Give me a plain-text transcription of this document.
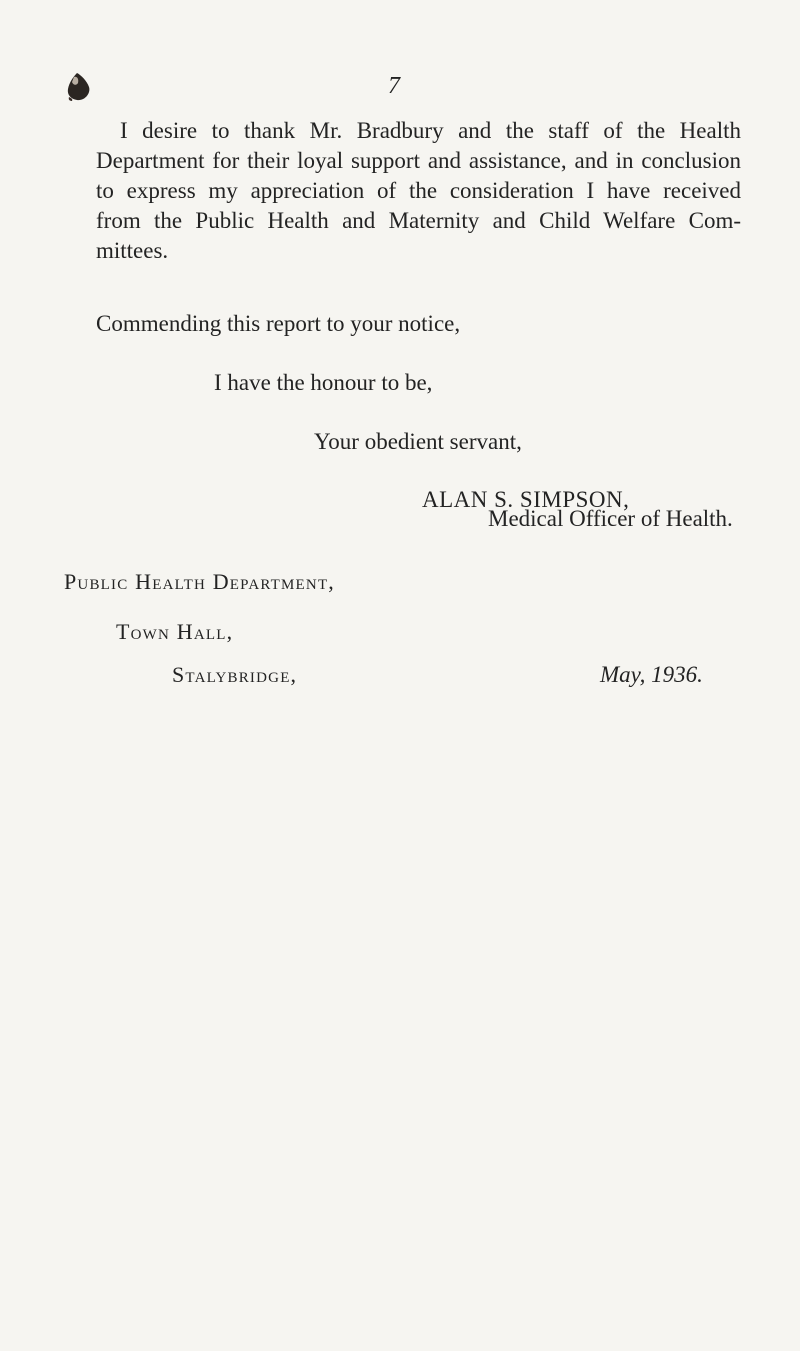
7

I desire to thank Mr. Bradbury and the staff of the Health
Department for their loyal support and assistance, and in conclusion
to express my appreciation of the consideration I have received
from the Public Health and Maternity and Child Welfare Com-
mittees.

Commending this report to your notice,
I have the honour to be,
Your obedient servant,
ALAN S. SIMPSON,
Medical Officer of Health.
Public Health Department,
Town Hall,
Stalybridge,	May, 1936.
